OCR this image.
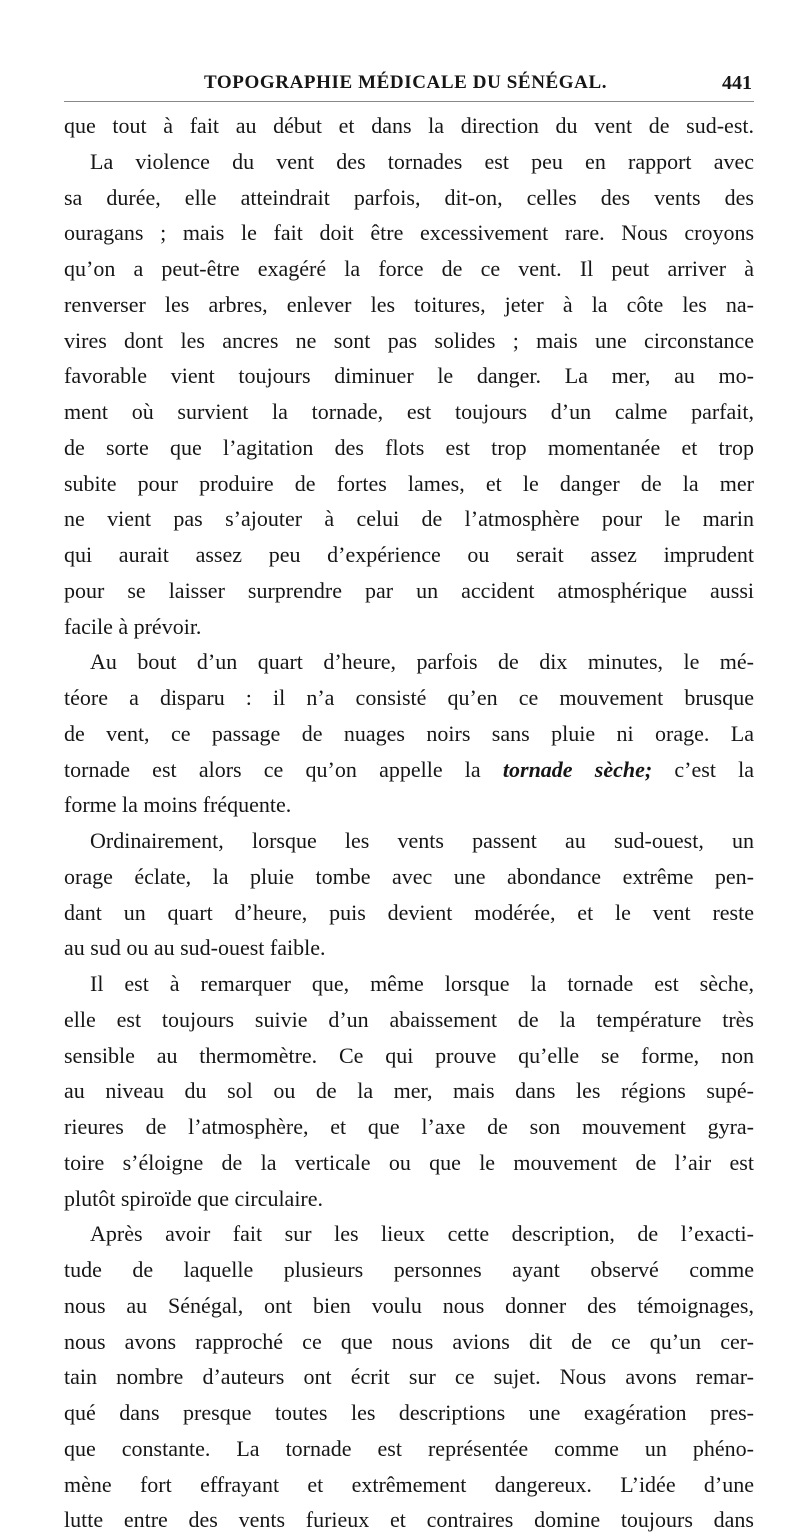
TOPOGRAPHIE MÉDICALE DU SÉNÉGAL.	441
que tout à fait au début et dans la direction du vent de sud-est.
La violence du vent des tornades est peu en rapport avec
sa durée, elle atteindrait parfois, dit-on, celles des vents des
ouragans ; mais le fait doit être excessivement rare. Nous croyons
qu’on a peut-être exagéré la force de ce vent. Il peut arriver à
renverser les arbres, enlever les toitures, jeter à la côte les na-
vires dont les ancres ne sont pas solides ; mais une circonstance
favorable vient toujours diminuer le danger. La mer, au mo-
ment où survient la tornade, est toujours d’un calme parfait,
de sorte que l’agitation des flots est trop momentanée et trop
subite pour produire de fortes lames, et le danger de la mer
ne vient pas s’ajouter à celui de l’atmosphère pour le marin
qui aurait assez peu d’expérience ou serait assez imprudent
pour se laisser surprendre par un accident atmosphérique aussi
facile à prévoir.
Au bout d’un quart d’heure, parfois de dix minutes, le mé-
téore a disparu : il n’a consisté qu’en ce mouvement brusque
de vent, ce passage de nuages noirs sans pluie ni orage. La
tornade est alors ce qu’on appelle la tornade sèche; c’est la
forme la moins fréquente.
Ordinairement, lorsque les vents passent au sud-ouest, un
orage éclate, la pluie tombe avec une abondance extrême pen-
dant un quart d’heure, puis devient modérée, et le vent reste
au sud ou au sud-ouest faible.
Il est à remarquer que, même lorsque la tornade est sèche,
elle est toujours suivie d’un abaissement de la température très
sensible au thermomètre. Ce qui prouve qu’elle se forme, non
au niveau du sol ou de la mer, mais dans les régions supé-
rieures de l’atmosphère, et que l’axe de son mouvement gyra-
toire s’éloigne de la verticale ou que le mouvement de l’air est
plutôt spiroïde que circulaire.
Après avoir fait sur les lieux cette description, de l’exacti-
tude de laquelle plusieurs personnes ayant observé comme
nous au Sénégal, ont bien voulu nous donner des témoignages,
nous avons rapproché ce que nous avions dit de ce qu’un cer-
tain nombre d’auteurs ont écrit sur ce sujet. Nous avons remar-
qué dans presque toutes les descriptions une exagération pres-
que constante. La tornade est représentée comme un phéno-
mène fort effrayant et extrêmement dangereux. L’idée d’une
lutte entre des vents furieux et contraires domine toujours dans
